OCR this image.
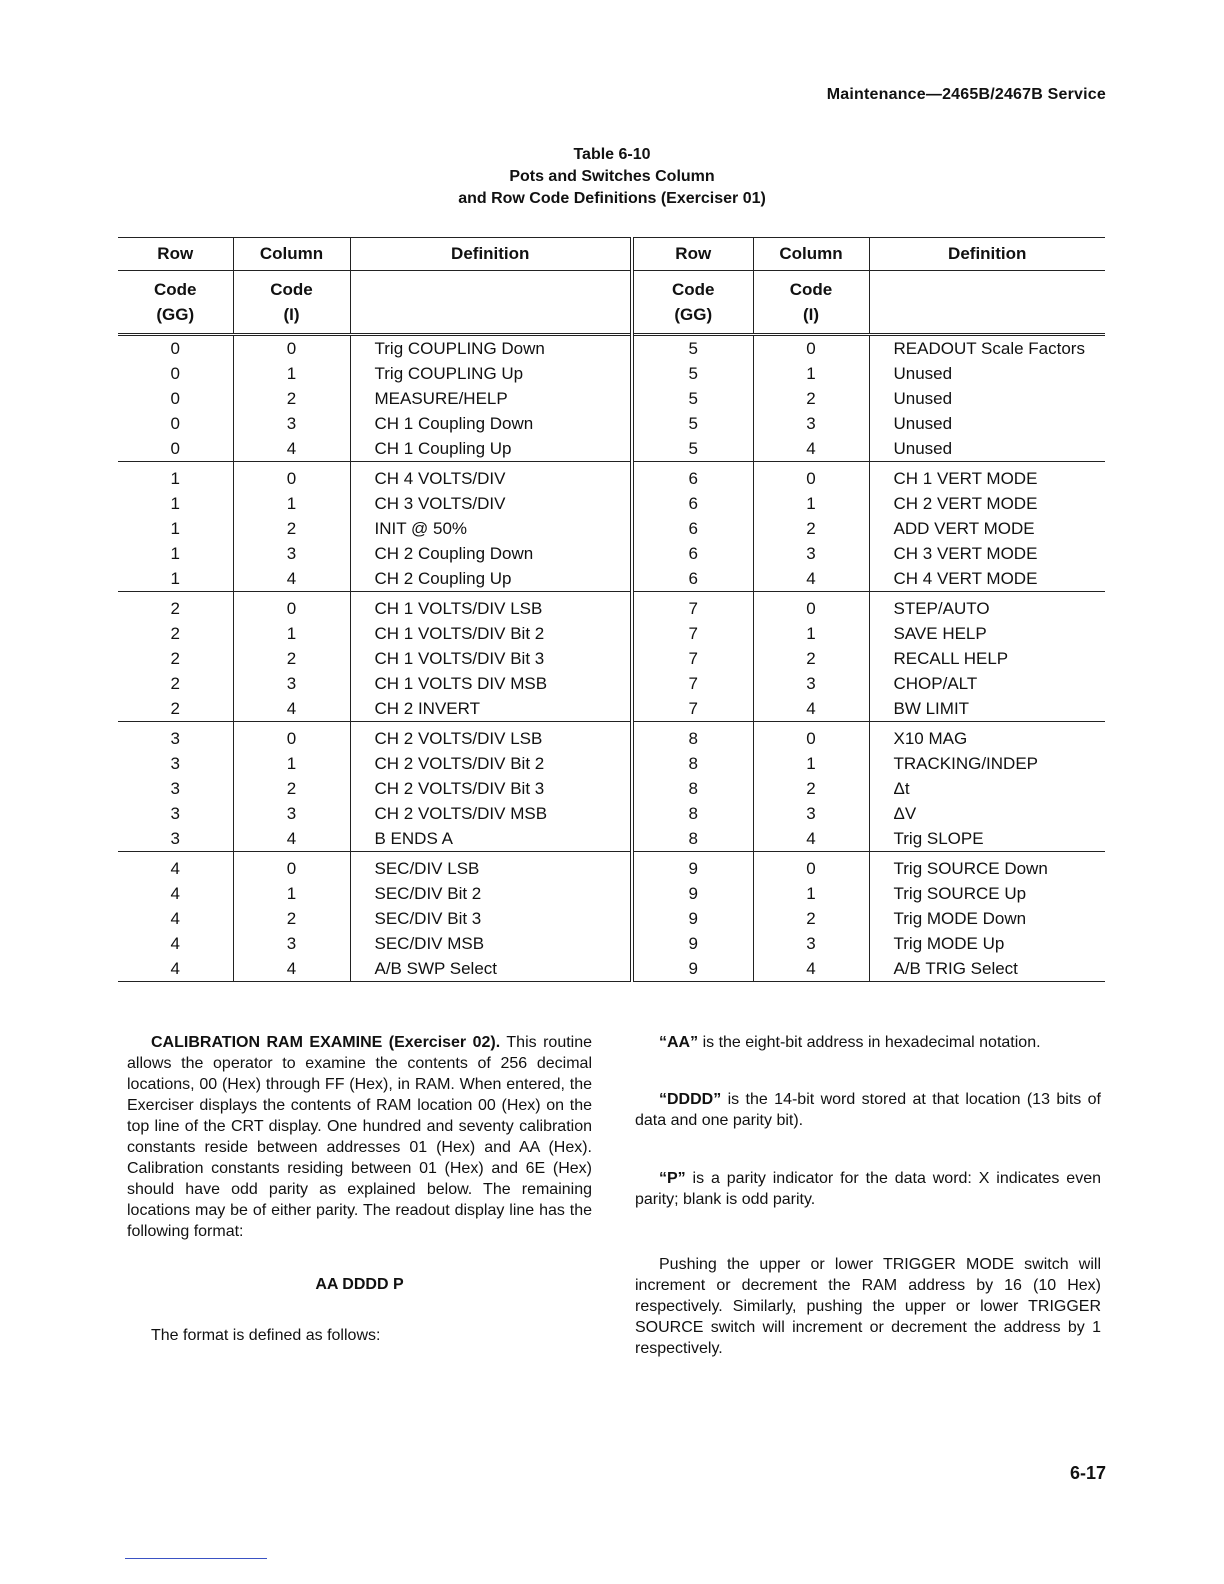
Maintenance—2465B/2467B Service
Table 6-10
Pots and Switches Column
and Row Code Definitions (Exerciser 01)
Row	Column	Definition	Row	Column	Definition
Code	Code		Code	Code	
(GG)	(I)		(GG)	(I)	
0	0	Trig COUPLING Down	5	0	READOUT Scale Factors
0	1	Trig COUPLING Up	5	1	Unused
0	2	MEASURE/HELP	5	2	Unused
0	3	CH 1 Coupling Down	5	3	Unused
0	4	CH 1 Coupling Up	5	4	Unused
1	0	CH 4 VOLTS/DIV	6	0	CH 1 VERT MODE
1	1	CH 3 VOLTS/DIV	6	1	CH 2 VERT MODE
1	2	INIT @ 50%	6	2	ADD VERT MODE
1	3	CH 2 Coupling Down	6	3	CH 3 VERT MODE
1	4	CH 2 Coupling Up	6	4	CH 4 VERT MODE
2	0	CH 1 VOLTS/DIV LSB	7	0	STEP/AUTO
2	1	CH 1 VOLTS/DIV Bit 2	7	1	SAVE HELP
2	2	CH 1 VOLTS/DIV Bit 3	7	2	RECALL HELP
2	3	CH 1 VOLTS DIV MSB	7	3	CHOP/ALT
2	4	CH 2 INVERT	7	4	BW LIMIT
3	0	CH 2 VOLTS/DIV LSB	8	0	X10 MAG
3	1	CH 2 VOLTS/DIV Bit 2	8	1	TRACKING/INDEP
3	2	CH 2 VOLTS/DIV Bit 3	8	2	Δt
3	3	CH 2 VOLTS/DIV MSB	8	3	ΔV
3	4	B ENDS A	8	4	Trig SLOPE
4	0	SEC/DIV LSB	9	0	Trig SOURCE Down
4	1	SEC/DIV Bit 2	9	1	Trig SOURCE Up
4	2	SEC/DIV Bit 3	9	2	Trig MODE Down
4	3	SEC/DIV MSB	9	3	Trig MODE Up
4	4	A/B SWP Select	9	4	A/B TRIG Select

CALIBRATION RAM EXAMINE (Exerciser 02). This routine allows the operator to examine the contents of 256 decimal locations, 00 (Hex) through FF (Hex), in RAM. When entered, the Exerciser displays the contents of RAM location 00 (Hex) on the top line of the CRT display. One hundred and seventy calibration constants reside between addresses 01 (Hex) and AA (Hex). Calibration constants residing between 01 (Hex) and 6E (Hex) should have odd parity as explained below. The remaining locations may be of either parity. The readout display line has the following format:

AA DDDD P

The format is defined as follows:

“AA” is the eight-bit address in hexadecimal notation.

“DDDD” is the 14-bit word stored at that location (13 bits of data and one parity bit).

“P” is a parity indicator for the data word: X indicates even parity; blank is odd parity.

Pushing the upper or lower TRIGGER MODE switch will increment or decrement the RAM address by 16 (10 Hex) respectively. Similarly, pushing the upper or lower TRIGGER SOURCE switch will increment or decrement the address by 1 respectively.

6-17
